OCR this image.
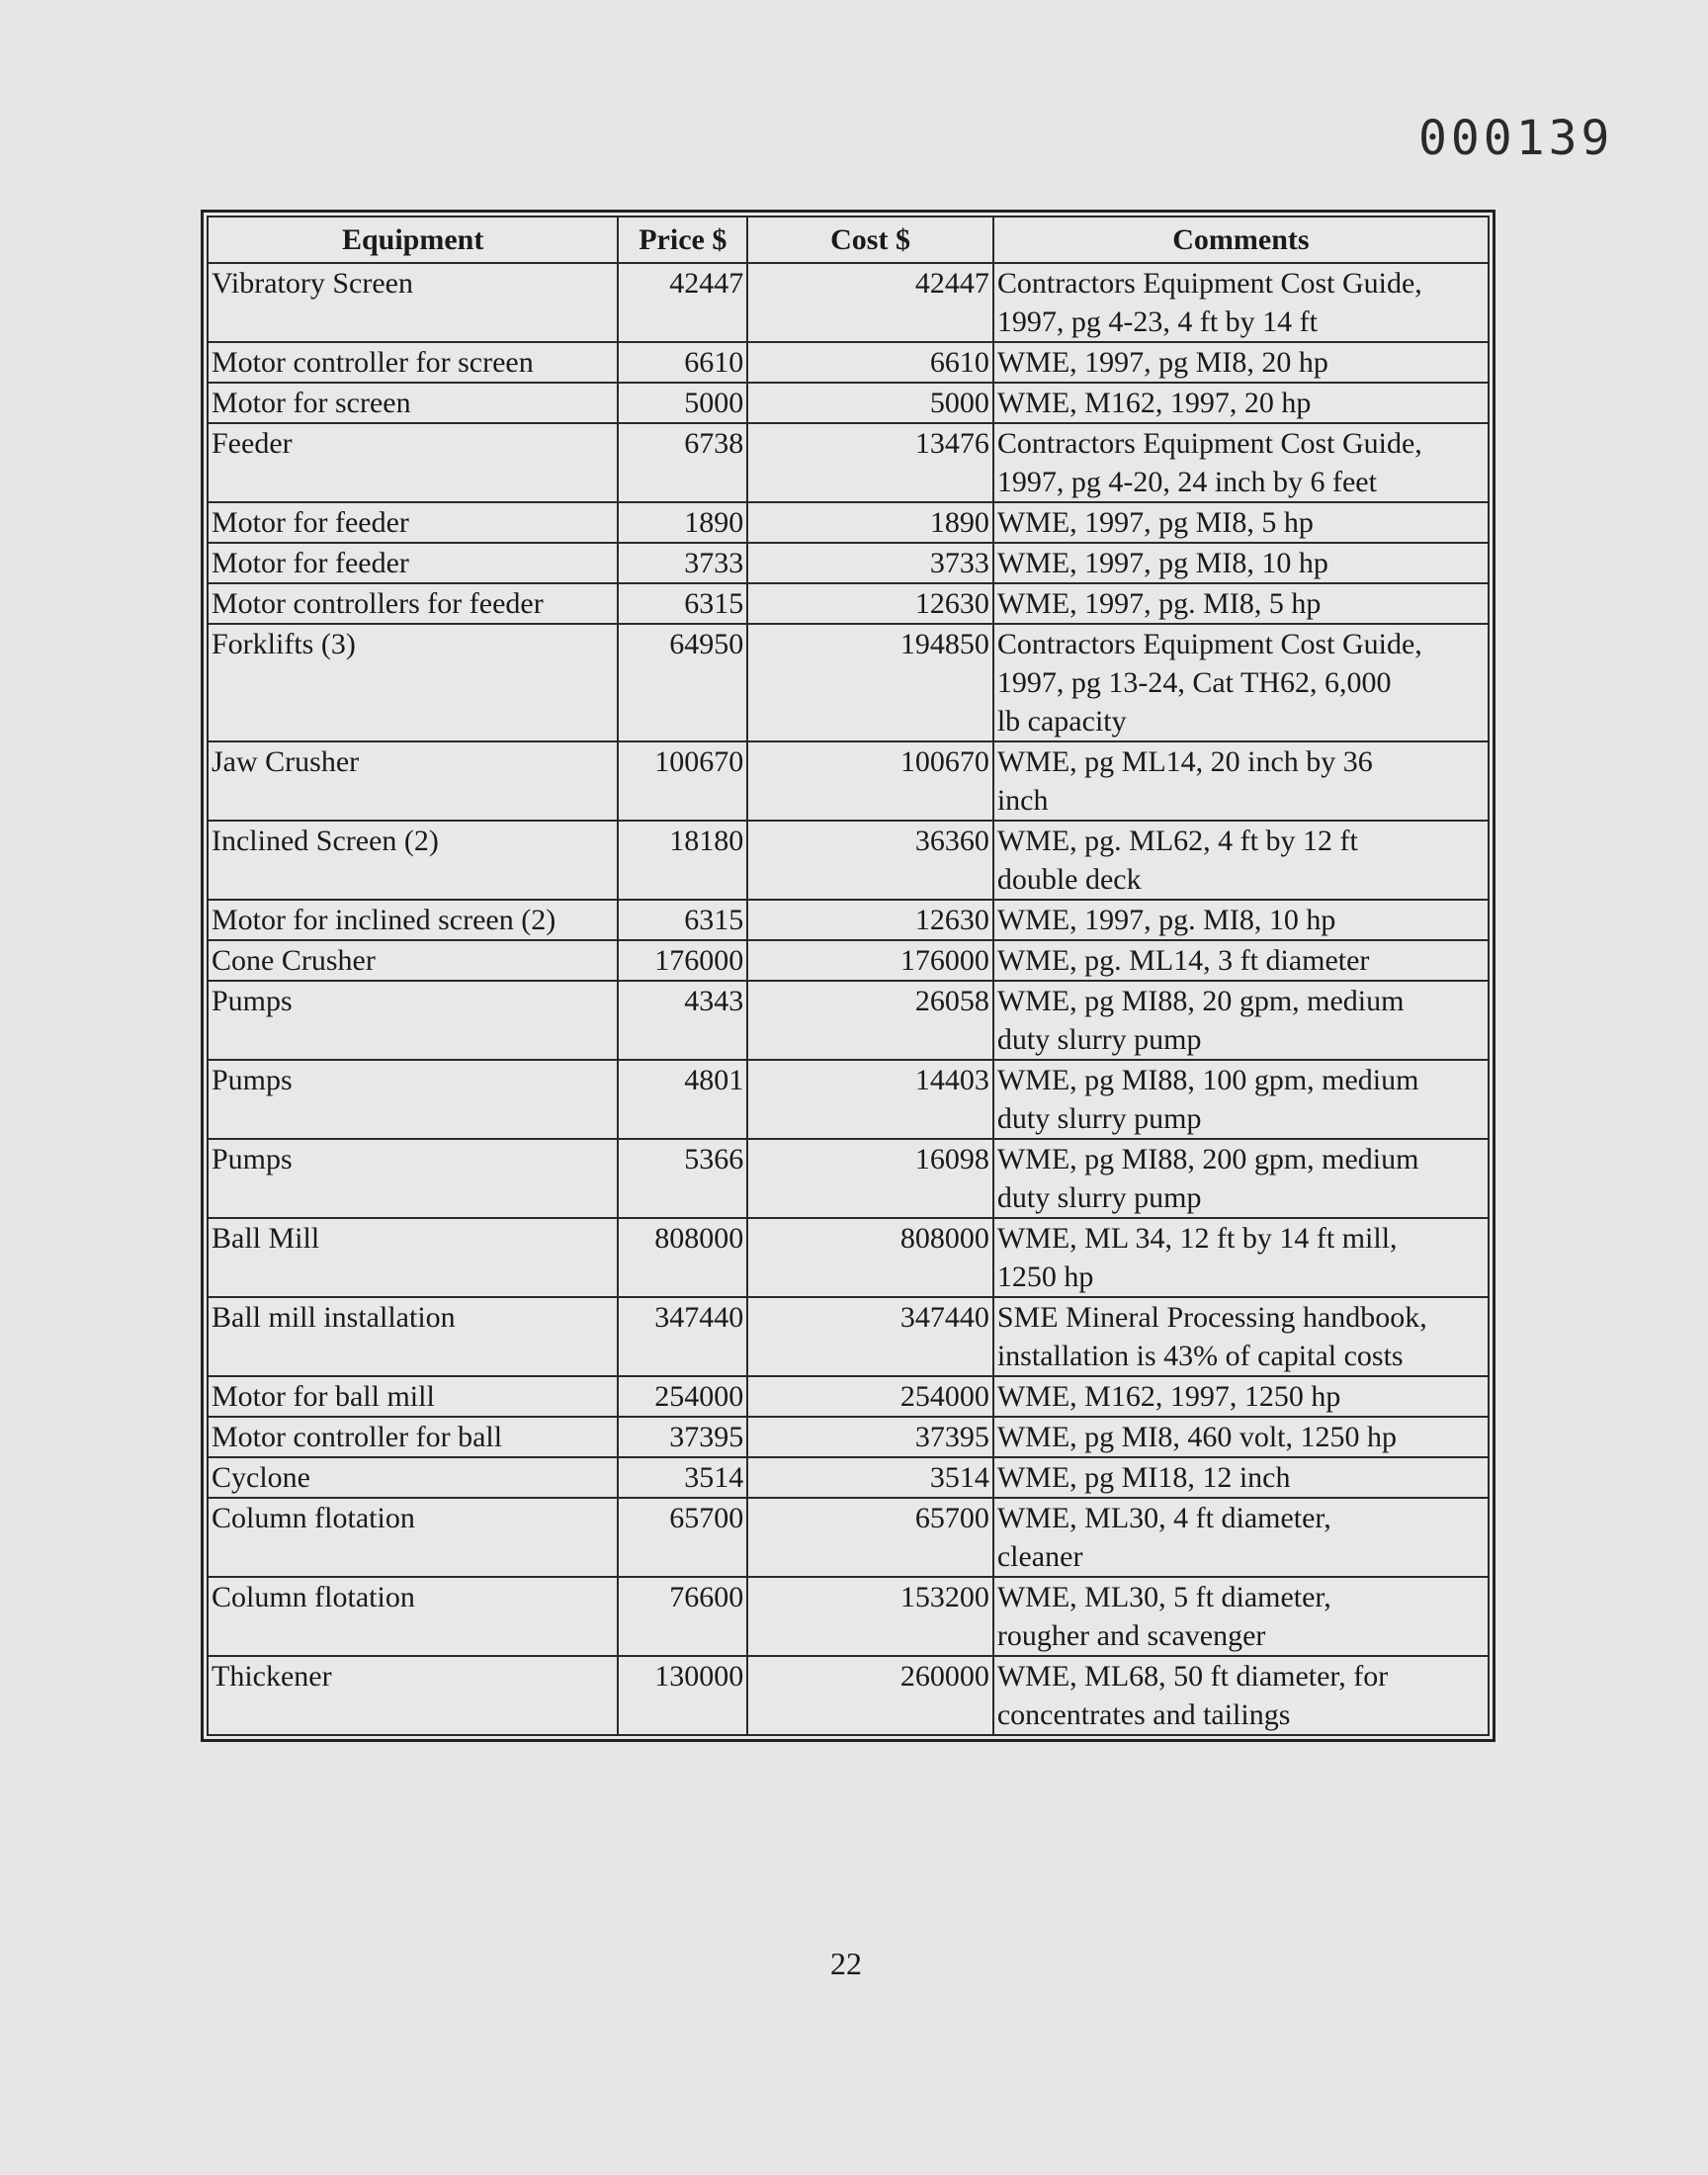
000139
Equipment	Price $	Cost $	Comments
Vibratory Screen	42447	42447	Contractors Equipment Cost Guide,
1997, pg 4-23, 4 ft by 14 ft

Motor controller for screen	6610	6610	WME, 1997, pg MI8, 20 hp

Motor for screen	5000	5000	WME, M162, 1997, 20 hp

Feeder	6738	13476	Contractors Equipment Cost Guide,
1997, pg 4-20, 24 inch by 6 feet

Motor for feeder	1890	1890	WME, 1997, pg MI8, 5 hp

Motor for feeder	3733	3733	WME, 1997, pg MI8, 10 hp

Motor controllers for feeder	6315	12630	WME, 1997, pg. MI8, 5 hp

Forklifts (3)	64950	194850	Contractors Equipment Cost Guide,
1997, pg 13-24, Cat TH62, 6,000
lb capacity

Jaw Crusher	100670	100670	WME, pg ML14, 20 inch by 36
inch

Inclined Screen (2)	18180	36360	WME, pg. ML62, 4 ft by 12 ft
double deck

Motor for inclined screen (2)	6315	12630	WME, 1997, pg. MI8, 10 hp

Cone Crusher	176000	176000	WME, pg. ML14, 3 ft diameter

Pumps	4343	26058	WME, pg MI88, 20 gpm, medium
duty slurry pump

Pumps	4801	14403	WME, pg MI88, 100 gpm, medium
duty slurry pump

Pumps	5366	16098	WME, pg MI88, 200 gpm, medium
duty slurry pump

Ball Mill	808000	808000	WME, ML 34, 12 ft by 14 ft mill,
1250 hp

Ball mill installation	347440	347440	SME Mineral Processing handbook,
installation is 43% of capital costs

Motor for ball mill	254000	254000	WME, M162, 1997, 1250 hp

Motor controller for ball	37395	37395	WME, pg MI8, 460 volt, 1250 hp

Cyclone	3514	3514	WME, pg MI18, 12 inch

Column flotation	65700	65700	WME, ML30, 4 ft diameter,
cleaner

Column flotation	76600	153200	WME, ML30, 5 ft diameter,
rougher and scavenger

Thickener	130000	260000	WME, ML68, 50 ft diameter, for
concentrates and tailings
22
